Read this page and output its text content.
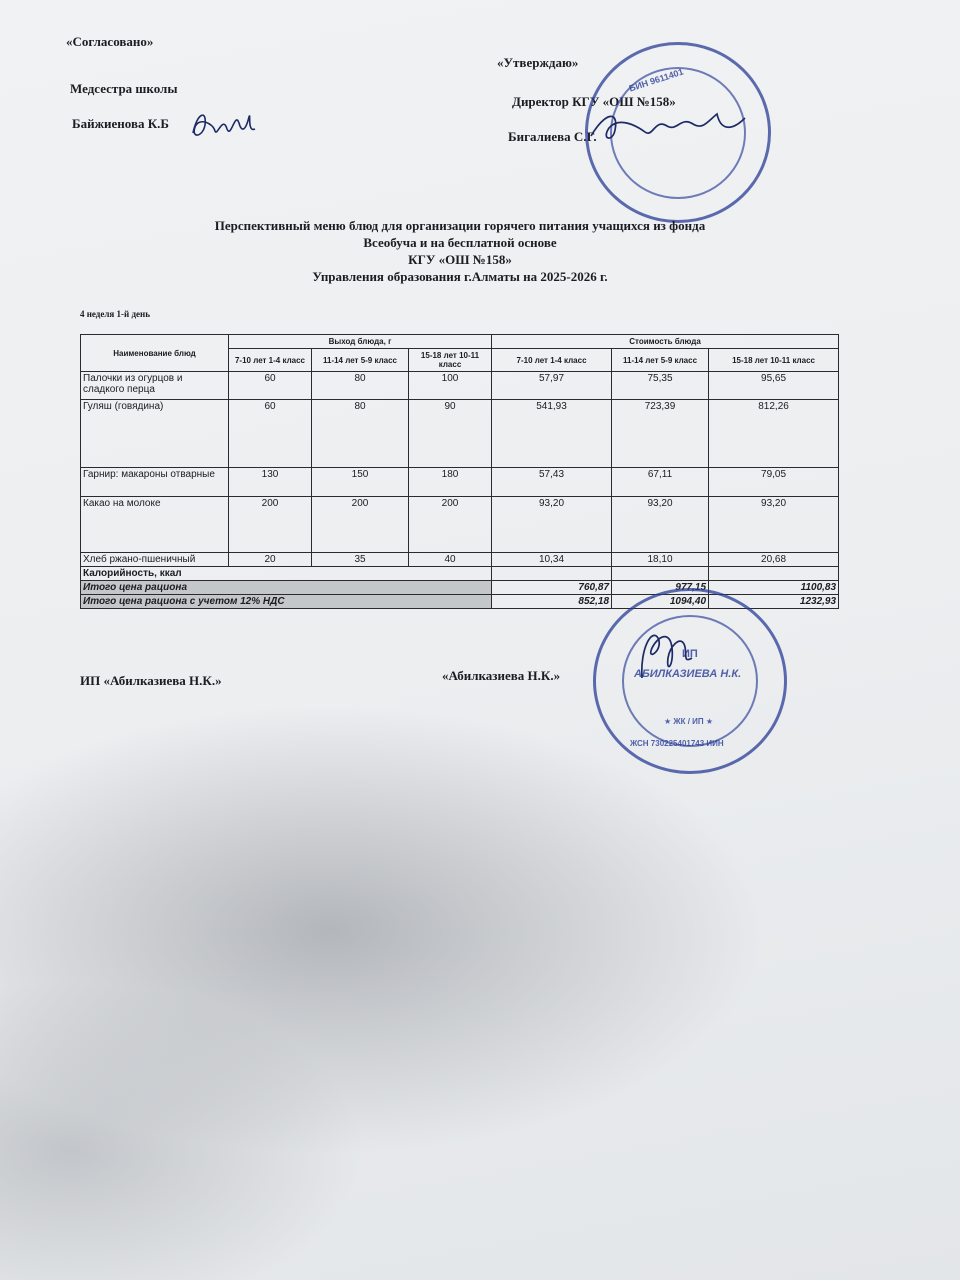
«Согласовано»
Медсестра школы
Байжиенова К.Б
«Утверждаю»
Директор КГУ «ОШ №158»
Бигалиева С.Г.
БИН 9611401
Перспективный меню блюд для организации горячего питания учащихся из фонда
Всеобуча и на бесплатной основе
КГУ «ОШ №158»
Управления образования г.Алматы на 2025-2026 г.
4 неделя 1-й день
Наименование блюд	Выход блюда, г			Стоимость блюда		
	7-10 лет 1-4 класс	11-14 лет 5-9 класс	15-18 лет 10-11 класс	7-10 лет 1-4 класс	11-14 лет 5-9 класс	15-18 лет 10-11 класс
Палочки из огурцов и сладкого перца	60	80	100	57,97	75,35	95,65
Гуляш (говядина)	60	80	90	541,93	723,39	812,26
Гарнир: макароны отварные	130	150	180	57,43	67,11	79,05
Какао на молоке	200	200	200	93,20	93,20	93,20
Хлеб ржано-пшеничный	20	35	40	10,34	18,10	20,68
Калорийность, ккал						
Итого цена рациона				760,87	977,15	1100,83
Итого цена рациона с учетом 12% НДС				852,18	1094,40	1232,93
ИП «Абилказиева Н.К.»	«Абилказиева Н.К.»
ИП
АБИЛКАЗИЕВА Н.К.
★ ЖК / ИП ★
ЖСН 730225401743 ИИН
